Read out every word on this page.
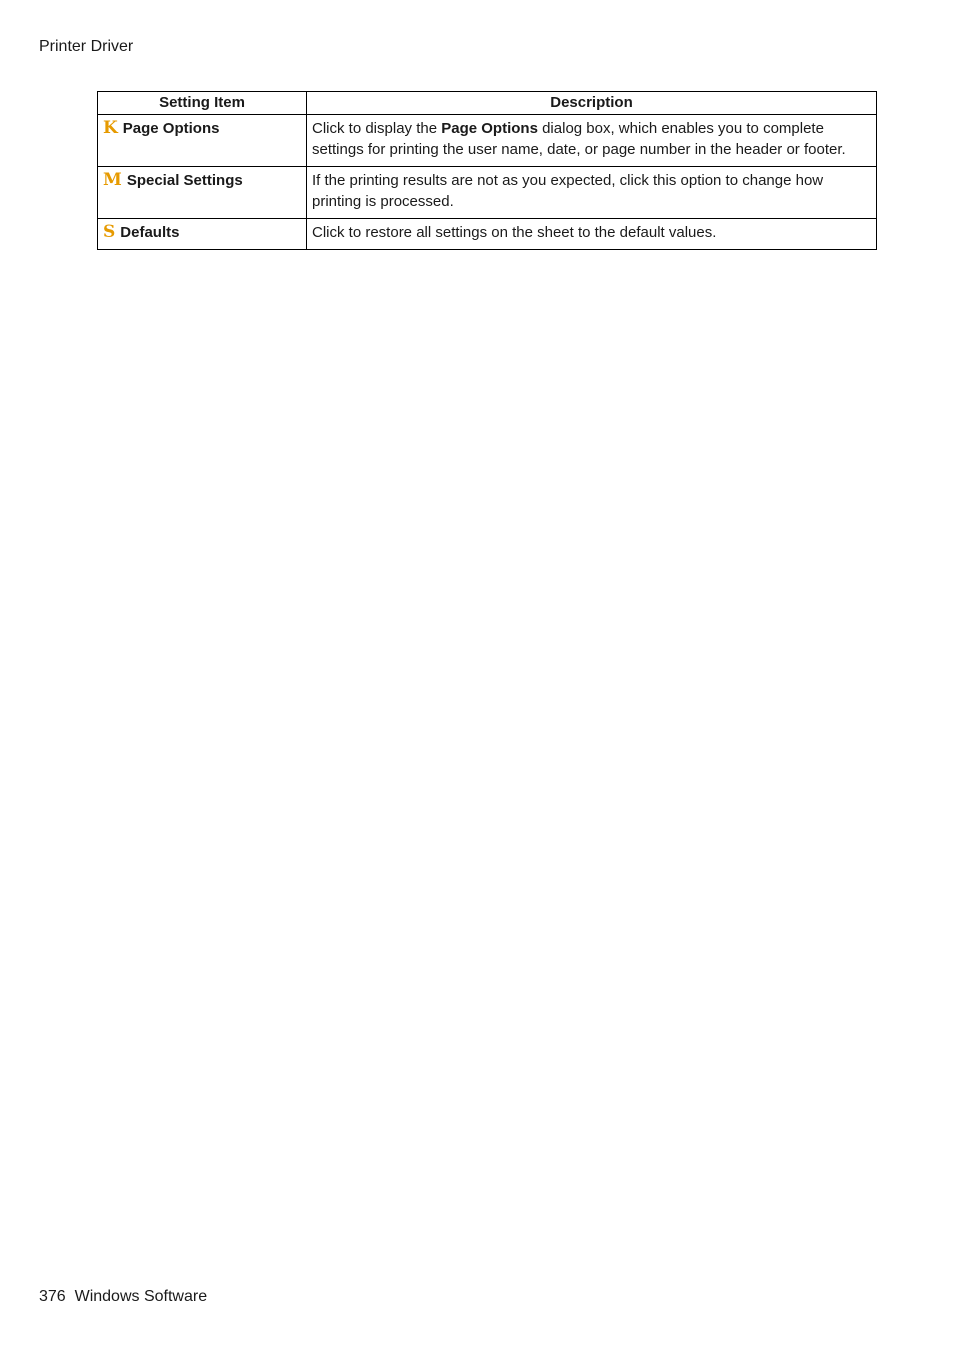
Printer Driver
Setting Item	Description
K Page Options	Click to display the Page Options dialog box, which enables you to complete settings for printing the user name, date, or page number in the header or footer.
M Special Settings	If the printing results are not as you expected, click this option to change how printing is processed.
S Defaults	Click to restore all settings on the sheet to the default values.
376 Windows Software
